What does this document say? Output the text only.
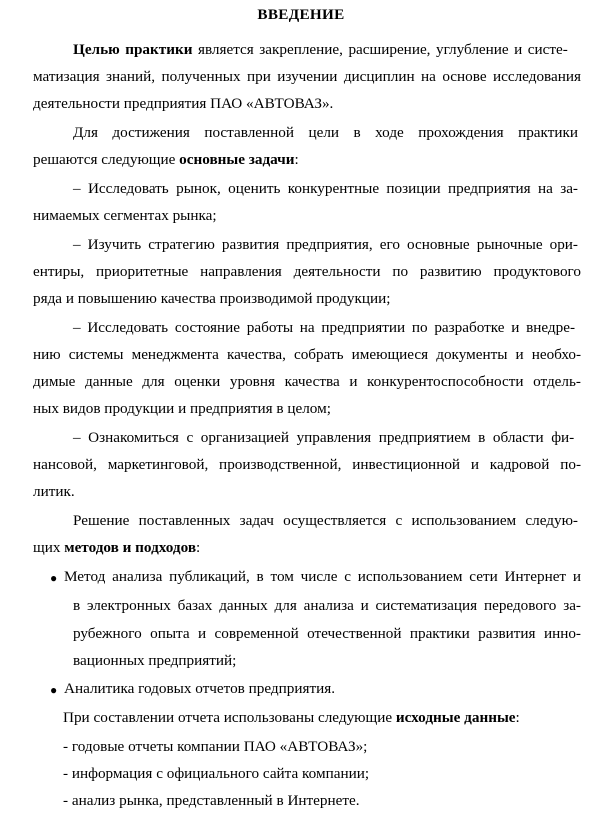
ВВЕДЕНИЕ
Целью практики является закрепление, расширение, углубление и систе-
матизация знаний, полученных при изучении дисциплин на основе исследования
деятельности предприятия ПАО «АВТОВАЗ».
Для достижения поставленной цели в ходе прохождения практики
решаются следующие основные задачи:
– Исследовать рынок, оценить конкурентные позиции предприятия на за-
нимаемых сегментах рынка;
– Изучить стратегию развития предприятия, его основные рыночные ори-
ентиры, приоритетные направления деятельности по развитию продуктового
ряда и повышению качества производимой продукции;
– Исследовать состояние работы на предприятии по разработке и внедре-
нию системы менеджмента качества, собрать имеющиеся документы и необхо-
димые данные для оценки уровня качества и конкурентоспособности отдель-
ных видов продукции и предприятия в целом;
– Ознакомиться с организацией управления предприятием в области фи-
нансовой, маркетинговой, производственной, инвестиционной и кадровой по-
литик.
Решение поставленных задач осуществляется с использованием следую-
щих методов и подходов:
● Метод анализа публикаций, в том числе с использованием сети Интернет и
в электронных базах данных для анализа и систематизация передового за-
рубежного опыта и современной отечественной практики развития инно-
вационных предприятий;
● Аналитика годовых отчетов предприятия.
При составлении отчета использованы следующие исходные данные:
- годовые отчеты компании ПАО «АВТОВАЗ»;
- информация с официального сайта компании;
- анализ рынка, представленный в Интернете.
